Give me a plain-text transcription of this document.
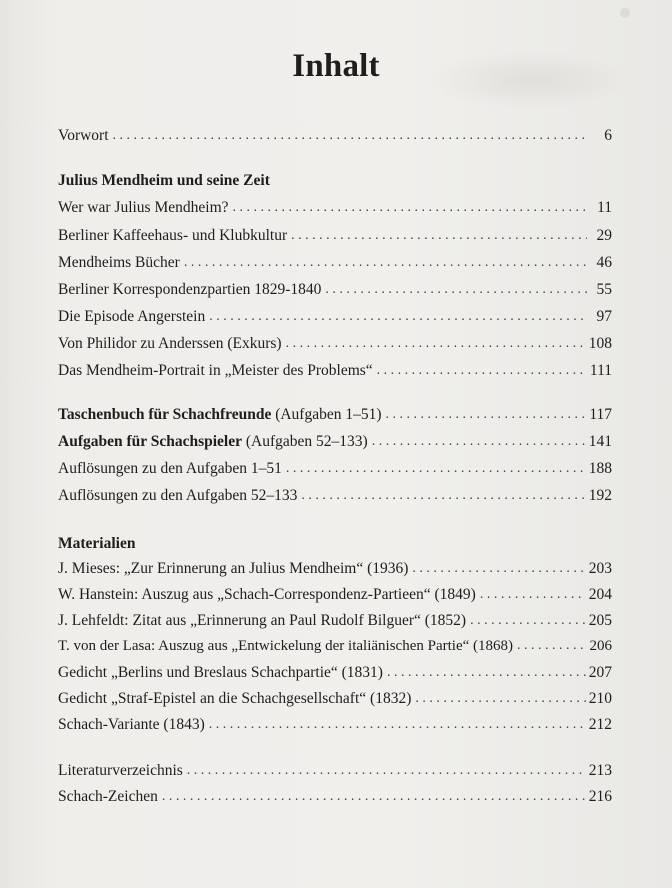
Inhalt
Vorwort . . .	6
Julius Mendheim und seine Zeit
Wer war Julius Mendheim? . . .	11
Berliner Kaffeehaus- und Klubkultur . . .	29
Mendheims Bücher . . .	46
Berliner Korrespondenzpartien 1829-1840 . . .	55
Die Episode Angerstein . . .	97
Von Philidor zu Anderssen (Exkurs) . . .	108
Das Mendheim-Portrait in „Meister des Problems“ . . .	111
Taschenbuch für Schachfreunde (Aufgaben 1–51) . . .	117
Aufgaben für Schachspieler (Aufgaben 52–133) . . .	141
Auflösungen zu den Aufgaben 1–51 . . .	188
Auflösungen zu den Aufgaben 52–133 . . .	192
Materialien
J. Mieses: „Zur Erinnerung an Julius Mendheim“ (1936) . . .	203
W. Hanstein: Auszug aus „Schach-Correspondenz-Partieen“ (1849) . . .	204
J. Lehfeldt: Zitat aus „Erinnerung an Paul Rudolf Bilguer“ (1852) . . .	205
T. von der Lasa: Auszug aus „Entwickelung der italiänischen Partie“ (1868) . . .	206
Gedicht „Berlins und Breslaus Schachpartie“ (1831) . . .	207
Gedicht „Straf-Epistel an die Schachgesellschaft“ (1832) . . .	210
Schach-Variante (1843) . . .	212
Literaturverzeichnis . . .	213
Schach-Zeichen . . .	216
